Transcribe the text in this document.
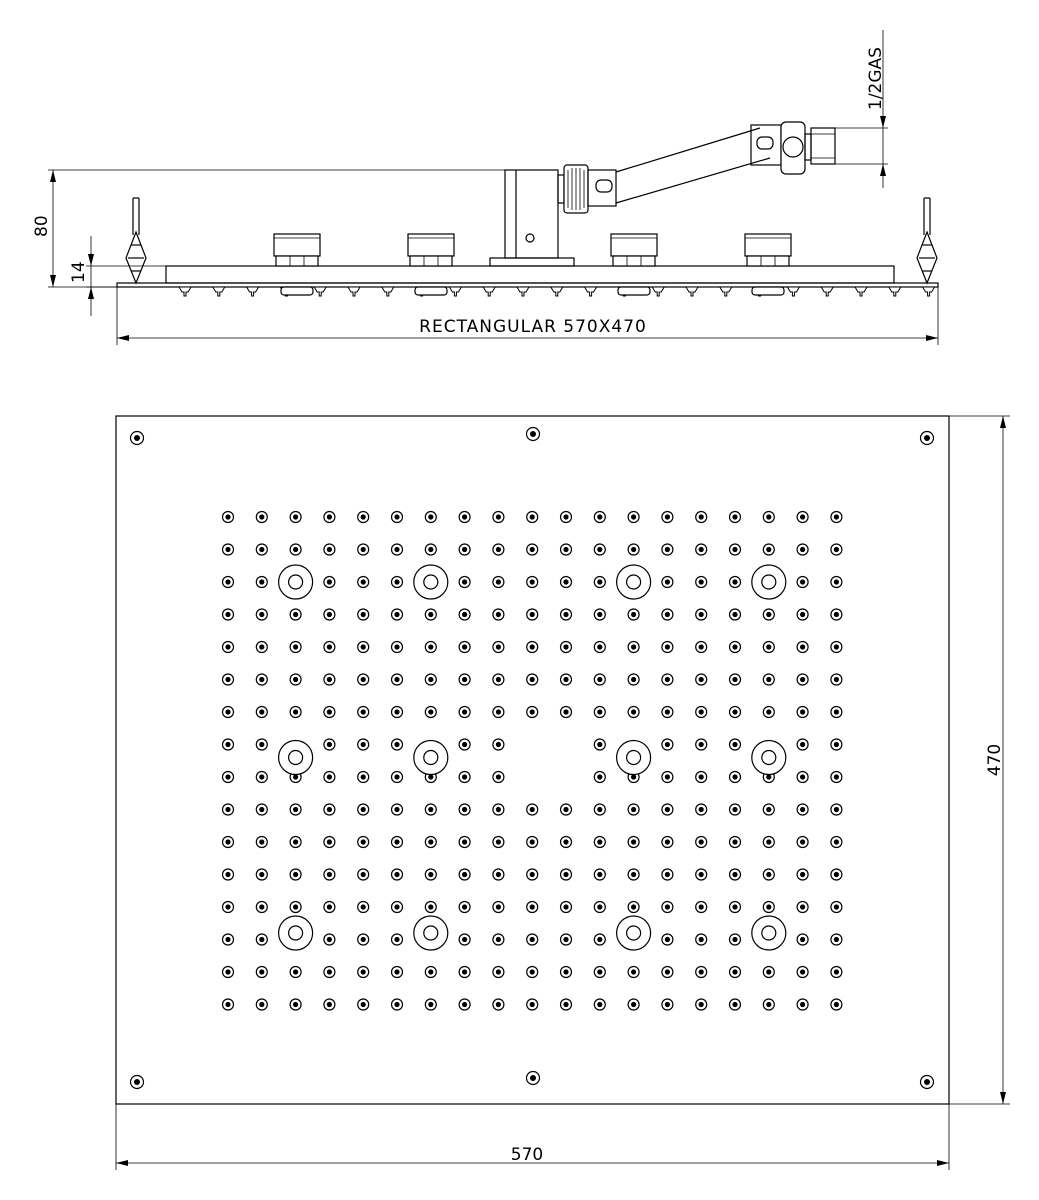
1/2GAS
80
14
RECTANGULAR 570X470
570
470
